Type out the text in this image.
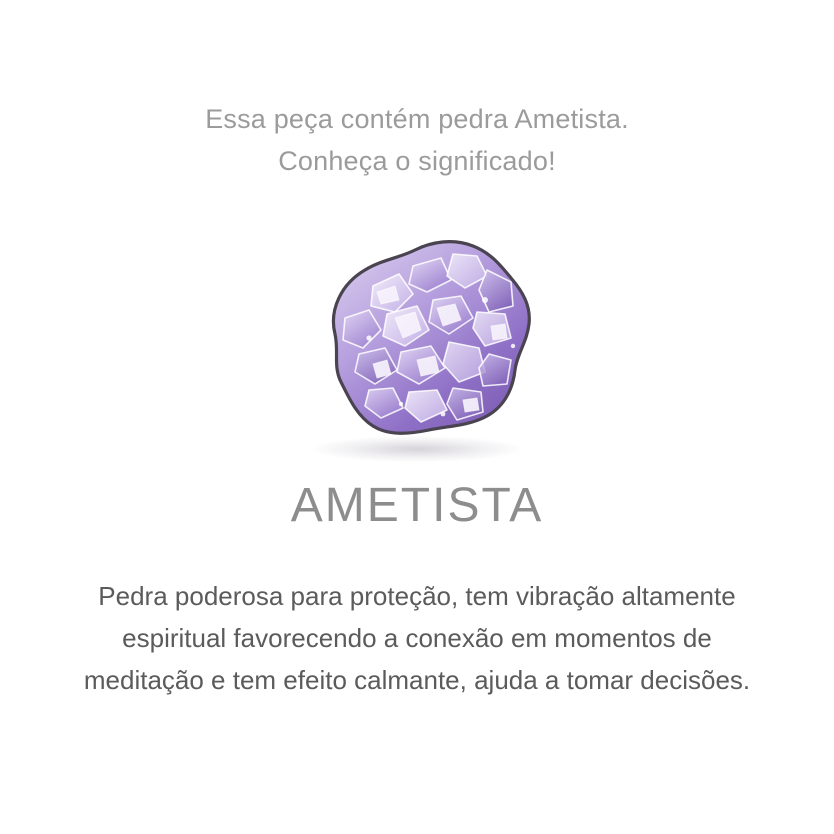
Essa peça contém pedra Ametista.
Conheça o significado!
AMETISTA
Pedra poderosa para proteção, tem vibração altamente espiritual favorecendo a conexão em momentos de meditação e tem efeito calmante, ajuda a tomar decisões.
